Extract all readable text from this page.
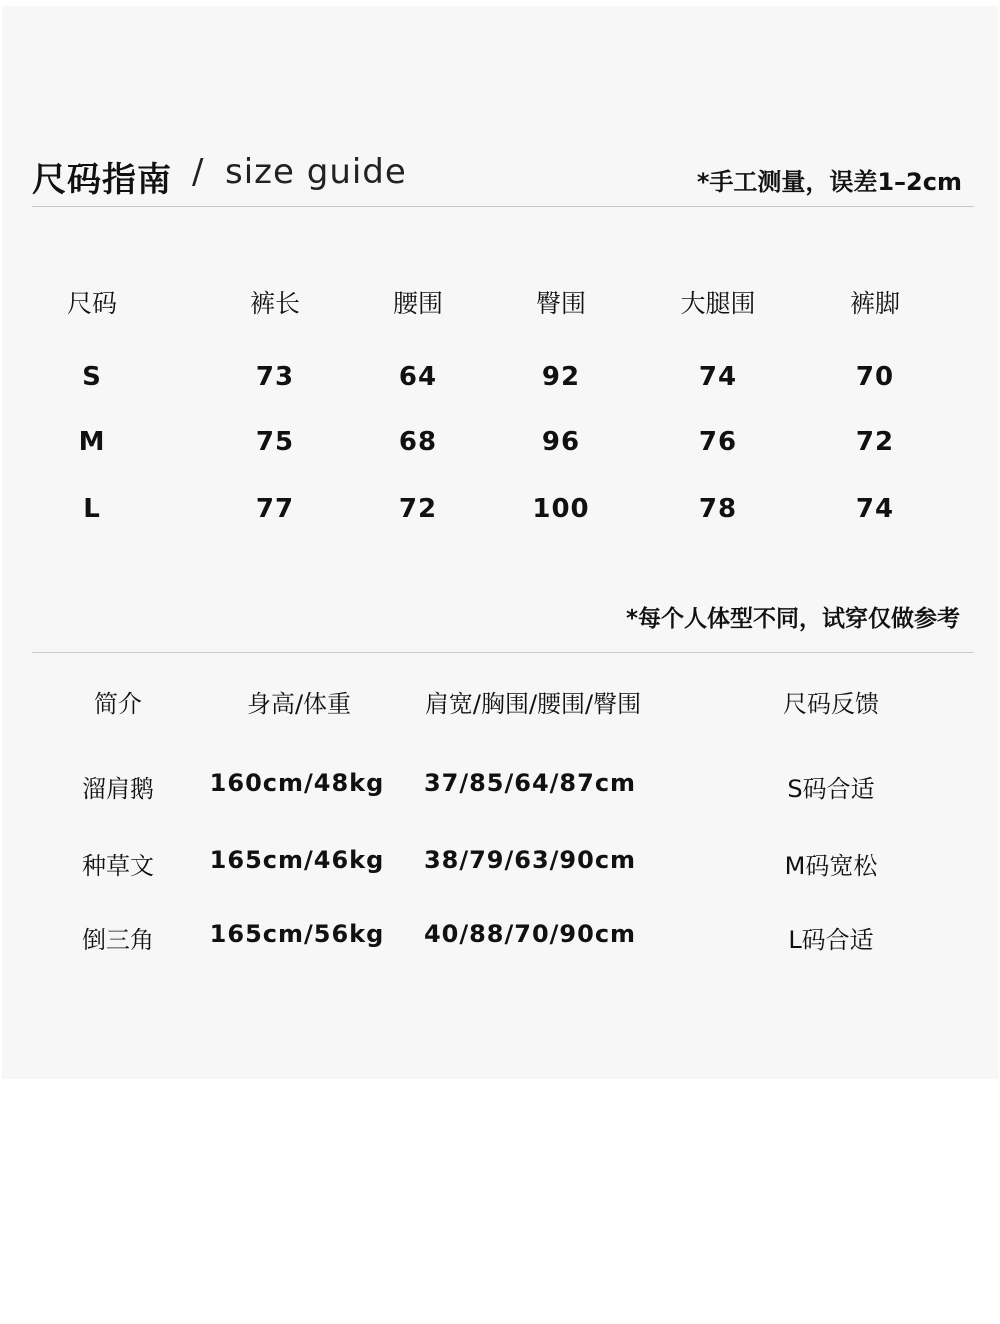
尺码指南 / size guide	*手工测量，误差1–2cm
尺码	裤长	腰围	臀围	大腿围	裤脚
S	73	64	92	74	70
M	75	68	96	76	72
L	77	72	100	78	74
*每个人体型不同，试穿仅做参考
简介	身高/体重	肩宽/胸围/腰围/臀围	尺码反馈
溜肩鹅 160cm/48kg 37/85/64/87cm	S码合适
种草文 165cm/46kg 38/79/63/90cm	M码宽松
倒三角 165cm/56kg 40/88/70/90cm	L码合适
